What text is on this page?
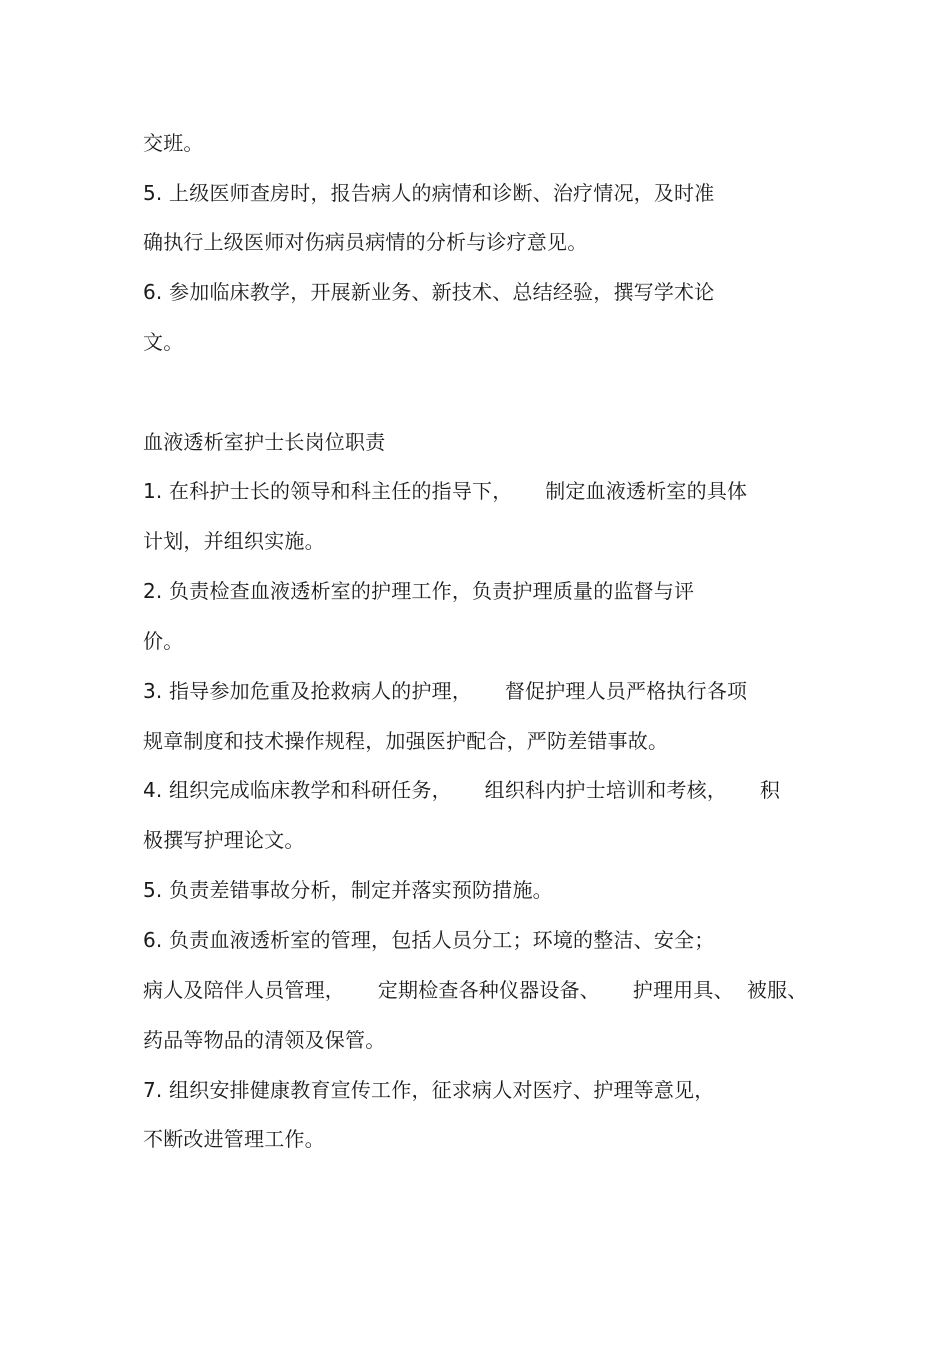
交班。
5. 上级医师查房时，报告病人的病情和诊断、治疗情况，及时准
确执行上级医师对伤病员病情的分析与诊疗意见。
6. 参加临床教学，开展新业务、新技术、总结经验，撰写学术论
文。
血液透析室护士长岗位职责
1. 在科护士长的领导和科主任的指导下，     制定血液透析室的具体
计划，并组织实施。
2. 负责检查血液透析室的护理工作，负责护理质量的监督与评
价。
3. 指导参加危重及抢救病人的护理，     督促护理人员严格执行各项
规章制度和技术操作规程，加强医护配合，严防差错事故。
4. 组织完成临床教学和科研任务，     组织科内护士培训和考核，     积
极撰写护理论文。
5. 负责差错事故分析，制定并落实预防措施。
6. 负责血液透析室的管理，包括人员分工；环境的整洁、安全；
病人及陪伴人员管理，     定期检查各种仪器设备、     护理用具、  被服、
药品等物品的清领及保管。
7. 组织安排健康教育宣传工作，征求病人对医疗、护理等意见，
不断改进管理工作。
